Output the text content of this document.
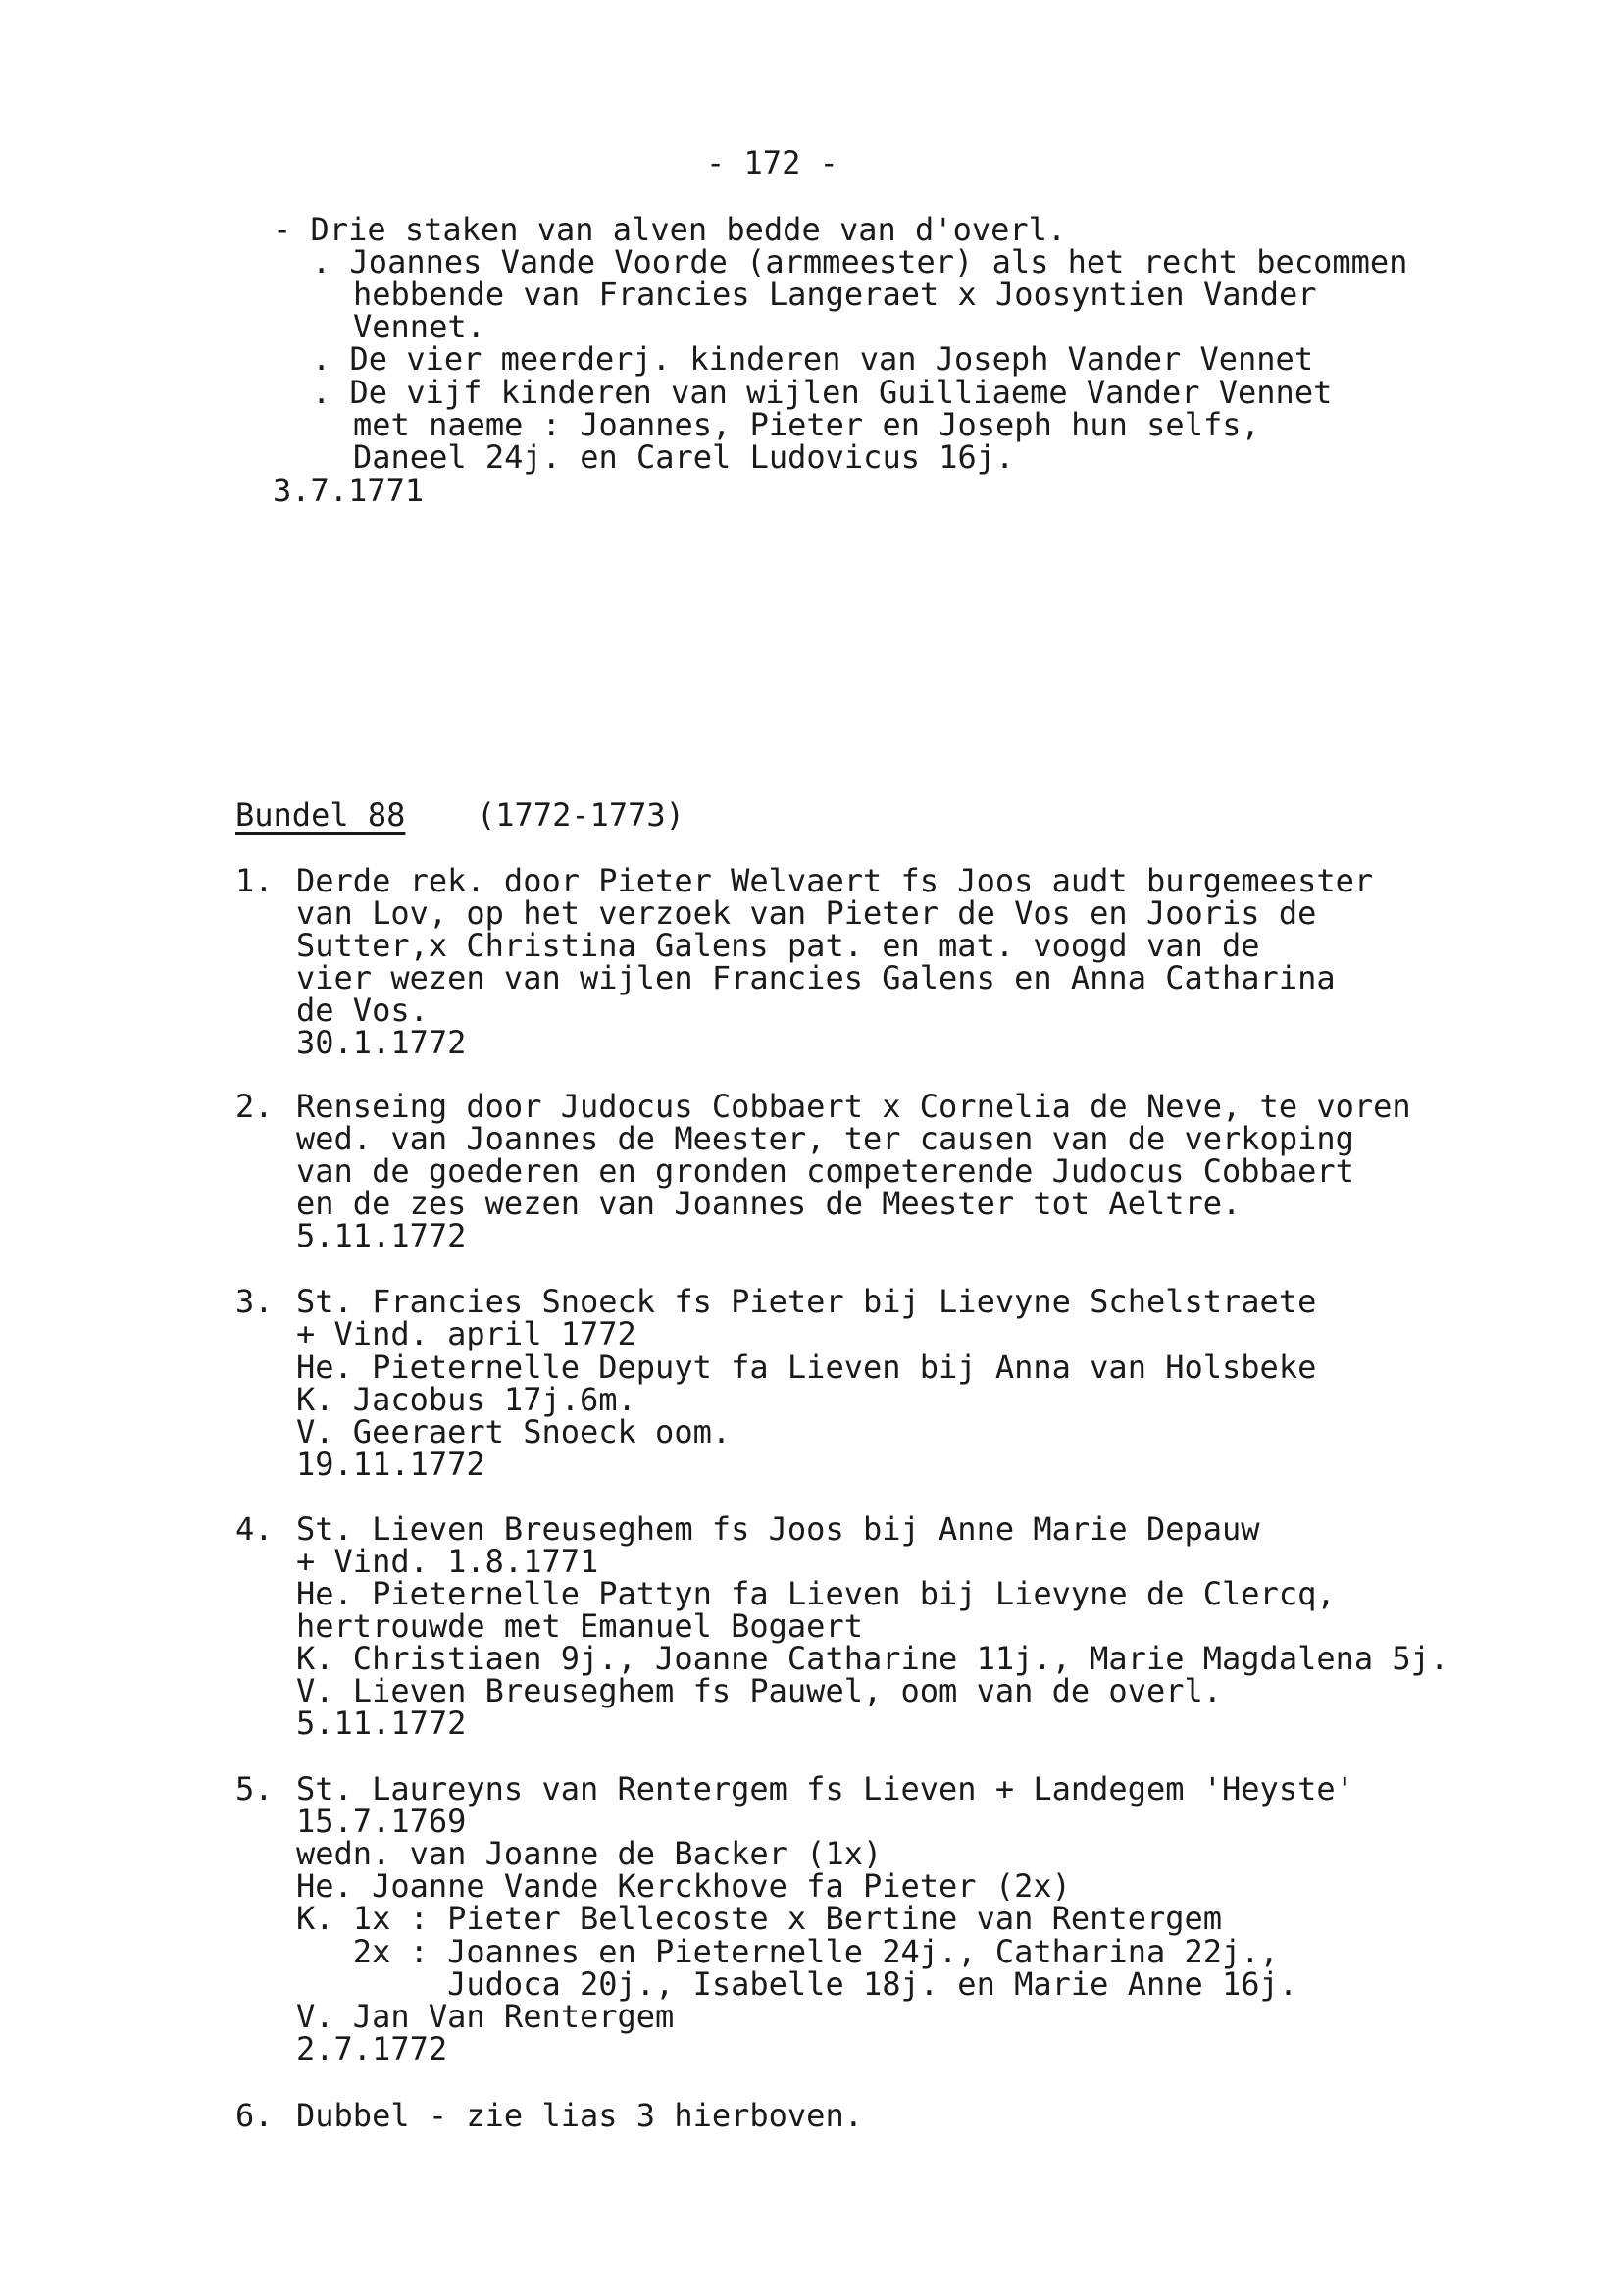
- 172 -
- Drie staken van alven bedde van d'overl.
. Joannes Vande Voorde (armmeester) als het recht becommen
hebbende van Francies Langeraet x Joosyntien Vander
Vennet.
. De vier meerderj. kinderen van Joseph Vander Vennet
. De vijf kinderen van wijlen Guilliaeme Vander Vennet
met naeme : Joannes, Pieter en Joseph hun selfs,
Daneel 24j. en Carel Ludovicus 16j.
3.7.1771
Bundel 88 (1772-1773)
1. Derde rek. door Pieter Welvaert fs Joos audt burgemeester
van Lov, op het verzoek van Pieter de Vos en Jooris de
Sutter,x Christina Galens pat. en mat. voogd van de
vier wezen van wijlen Francies Galens en Anna Catharina
de Vos.
30.1.1772
2. Renseing door Judocus Cobbaert x Cornelia de Neve, te voren
wed. van Joannes de Meester, ter causen van de verkoping
van de goederen en gronden competerende Judocus Cobbaert
en de zes wezen van Joannes de Meester tot Aeltre.
5.11.1772
3. St. Francies Snoeck fs Pieter bij Lievyne Schelstraete
+ Vind. april 1772
He. Pieternelle Depuyt fa Lieven bij Anna van Holsbeke
K. Jacobus 17j.6m.
V. Geeraert Snoeck oom.
19.11.1772
4. St. Lieven Breuseghem fs Joos bij Anne Marie Depauw
+ Vind. 1.8.1771
He. Pieternelle Pattyn fa Lieven bij Lievyne de Clercq,
hertrouwde met Emanuel Bogaert
K. Christiaen 9j., Joanne Catharine 11j., Marie Magdalena 5j.
V. Lieven Breuseghem fs Pauwel, oom van de overl.
5.11.1772
5. St. Laureyns van Rentergem fs Lieven + Landegem 'Heyste'
15.7.1769
wedn. van Joanne de Backer (1x)
He. Joanne Vande Kerckhove fa Pieter (2x)
K. 1x : Pieter Bellecoste x Bertine van Rentergem
2x : Joannes en Pieternelle 24j., Catharina 22j.,
Judoca 20j., Isabelle 18j. en Marie Anne 16j.
V. Jan Van Rentergem
2.7.1772
6. Dubbel - zie lias 3 hierboven.
